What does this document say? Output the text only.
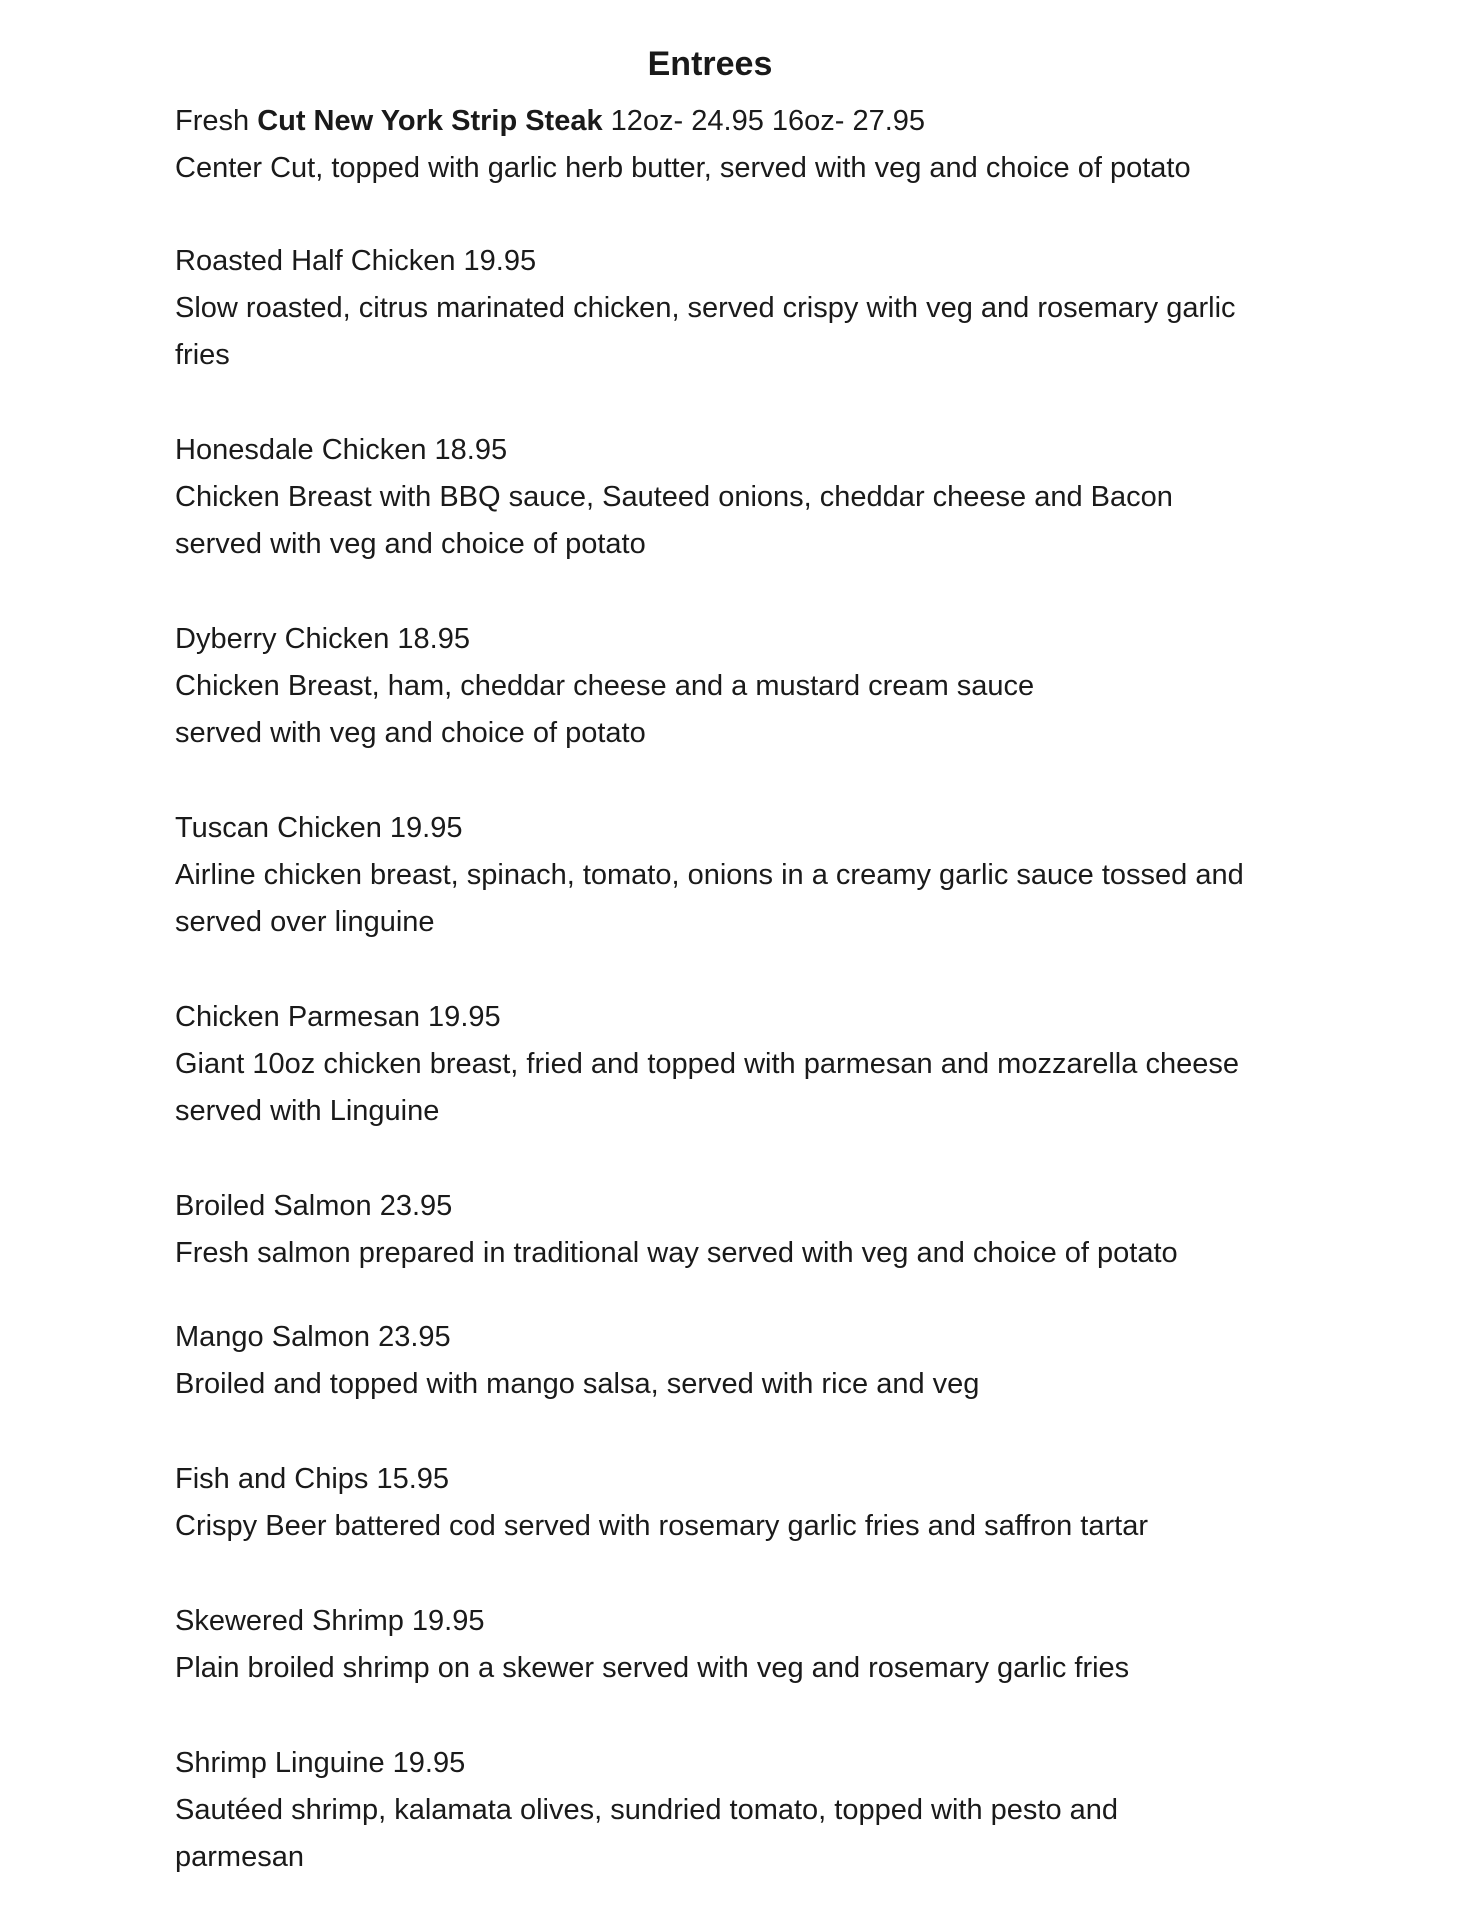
Entrees
Fresh Cut New York Strip Steak 12oz- 24.95 16oz- 27.95
Center Cut, topped with garlic herb butter, served with veg and choice of potato
Roasted Half Chicken 19.95
Slow roasted, citrus marinated chicken, served crispy with veg and rosemary garlic
fries
Honesdale Chicken 18.95
Chicken Breast with BBQ sauce, Sauteed onions, cheddar cheese and Bacon
served with veg and choice of potato
Dyberry Chicken 18.95
Chicken Breast, ham, cheddar cheese and a mustard cream sauce
served with veg and choice of potato
Tuscan Chicken 19.95
Airline chicken breast, spinach, tomato, onions in a creamy garlic sauce tossed and
served over linguine
Chicken Parmesan 19.95
Giant 10oz chicken breast, fried and topped with parmesan and mozzarella cheese
served with Linguine
Broiled Salmon 23.95
Fresh salmon prepared in traditional way served with veg and choice of potato
Mango Salmon 23.95
Broiled and topped with mango salsa, served with rice and veg
Fish and Chips 15.95
Crispy Beer battered cod served with rosemary garlic fries and saffron tartar
Skewered Shrimp 19.95
Plain broiled shrimp on a skewer served with veg and rosemary garlic fries
Shrimp Linguine 19.95
Sautéed shrimp, kalamata olives, sundried tomato, topped with pesto and
parmesan
